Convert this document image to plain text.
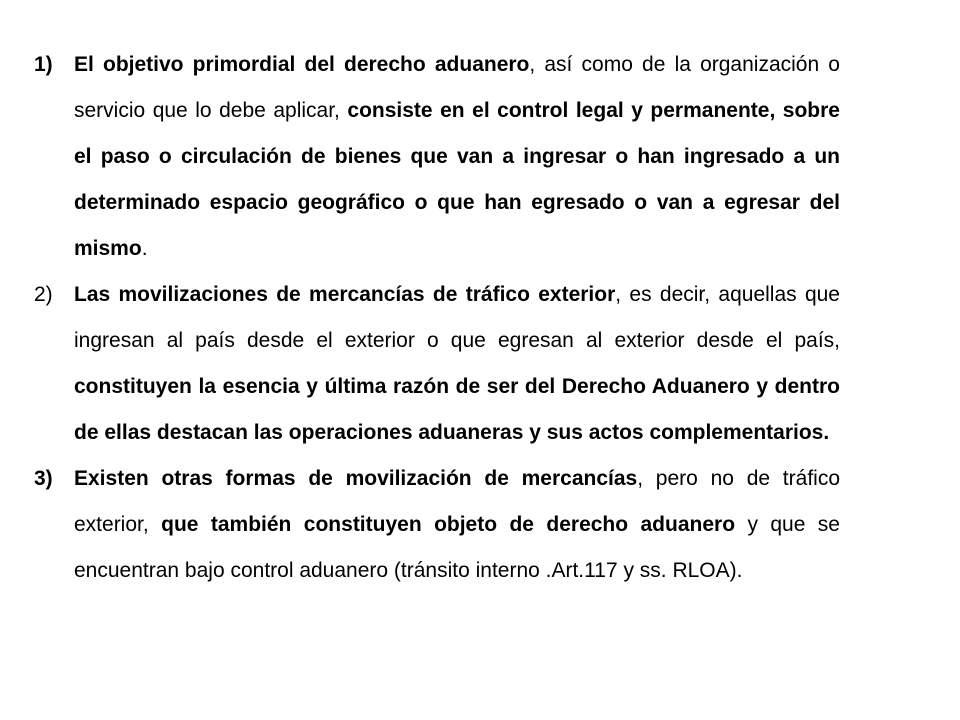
1)	El objetivo primordial del derecho aduanero, así como de la organización o servicio que lo debe aplicar, consiste en el control legal y permanente, sobre el paso o circulación de bienes que van a ingresar o han ingresado a un determinado espacio geográfico o que han egresado o van a egresar del mismo.
2)	Las movilizaciones de mercancías de tráfico exterior, es decir, aquellas que ingresan al país desde el exterior o que egresan al exterior desde el país, constituyen la esencia y última razón de ser del Derecho Aduanero y dentro de ellas destacan las operaciones aduaneras y sus actos complementarios.
3)	Existen otras formas de movilización de mercancías, pero no de tráfico exterior, que también constituyen objeto de derecho aduanero y que se encuentran bajo control aduanero (tránsito interno .Art.117 y ss. RLOA).
